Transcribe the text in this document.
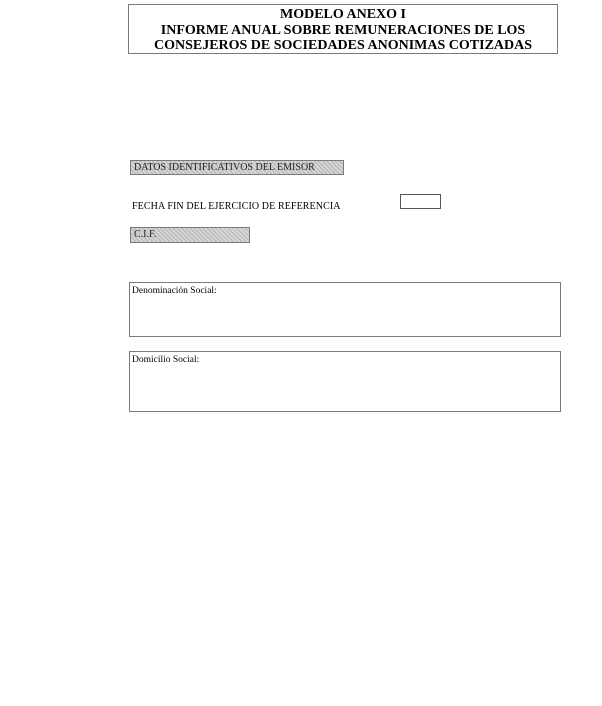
MODELO ANEXO I
INFORME ANUAL SOBRE REMUNERACIONES DE LOS
CONSEJEROS DE SOCIEDADES ANONIMAS COTIZADAS
DATOS IDENTIFICATIVOS DEL EMISOR
FECHA FIN DEL EJERCICIO DE REFERENCIA
C.I.F.
Denominación Social:
Domicilio Social:
